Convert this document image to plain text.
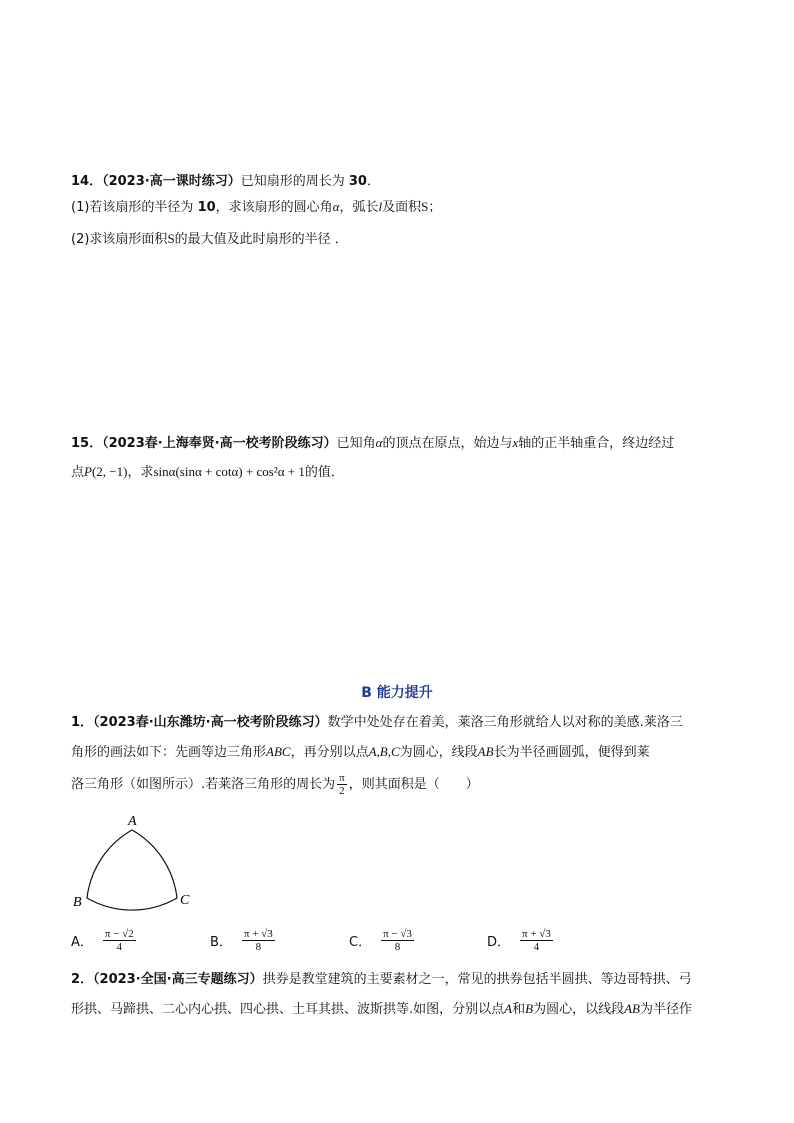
14．（2023·高一课时练习）已知扇形的周长为 30．
(1)若该扇形的半径为 10，求该扇形的圆心角α，弧长l及面积S；
(2)求该扇形面积S的最大值及此时扇形的半径 ．
15．（2023春·上海奉贤·高一校考阶段练习）已知角α的顶点在原点，始边与x轴的正半轴重合，终边经过
点P(2, −1)，求sinα(sinα + cotα) + cos²α + 1的值．
B 能力提升
1．（2023春·山东潍坊·高一校考阶段练习）数学中处处存在着美，莱洛三角形就给人以对称的美感.莱洛三
角形的画法如下：先画等边三角形ABC，再分别以点A,B,C为圆心，线段AB长为半径画圆弧，便得到莱
洛三角形（如图所示）.若莱洛三角形的周长为 $\frac{\pi}{2}$ ，则其面积是（　　）
A
B	C
A． $\frac{\pi - √2}{4}$	B． $\frac{\pi + √3}{8}$	C． $\frac{\pi - √3}{8}$	D． $\frac{\pi + √3}{4}$
2．（2023·全国·高三专题练习）拱券是教堂建筑的主要素材之一，常见的拱券包括半圆拱、等边哥特拱、弓
形拱、马蹄拱、二心内心拱、四心拱、土耳其拱、波斯拱等.如图，分别以点A和B为圆心，以线段AB为半径作
